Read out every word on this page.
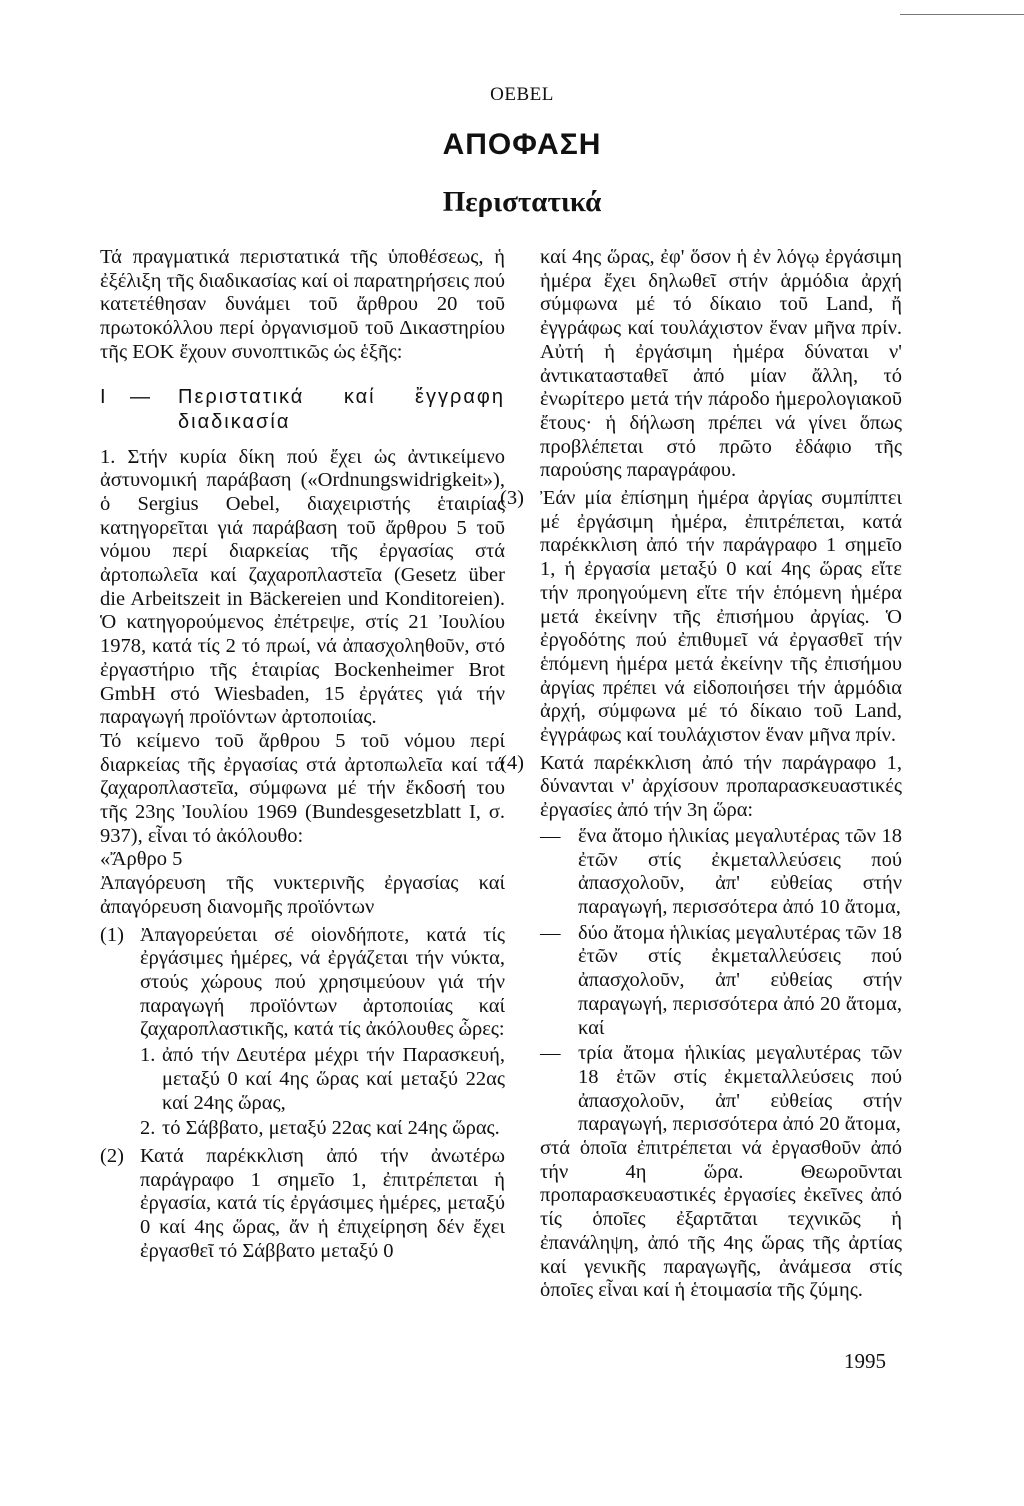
OEBEL
ΑΠΟΦΑΣΗ
Περιστατικά

Τά πραγματικά περιστατικά τῆς ὑποθέσεως, ἡ ἐξέλιξη τῆς διαδικασίας καί οἱ παρατηρήσεις πού κατετέθησαν δυνάμει τοῦ ἄρθρου 20 τοῦ πρωτοκόλλου περί ὀργανισμοῦ τοῦ Δικαστηρίου τῆς ΕΟΚ ἔχουν συνοπτικῶς ὡς ἑξῆς:

I	—	Περιστατικά καί ἔγγραφη διαδικασία

1. Στήν κυρία δίκη πού ἔχει ὡς ἀντικείμενο ἀστυνομική παράβαση («Ordnungswidrigkeit»), ὁ Sergius Oebel, διαχειριστής ἑταιρίας κατηγορεῖται γιά παράβαση τοῦ ἄρθρου 5 τοῦ νόμου περί διαρκείας τῆς ἐργασίας στά ἀρτοπωλεῖα καί ζαχαροπλαστεῖα (Gesetz über die Arbeitszeit in Bäckereien und Konditoreien). Ὁ κατηγορούμενος ἐπέτρεψε, στίς 21 Ἰουλίου 1978, κατά τίς 2 τό πρωί, νά ἀπασχοληθοῦν, στό ἐργαστήριο τῆς ἑταιρίας Bockenheimer Brot GmbH στό Wiesbaden, 15 ἐργάτες γιά τήν παραγωγή προϊόντων ἀρτοποιίας.

Τό κείμενο τοῦ ἄρθρου 5 τοῦ νόμου περί διαρκείας τῆς ἐργασίας στά ἀρτοπωλεῖα καί τά ζαχαροπλαστεῖα, σύμφωνα μέ τήν ἔκδοσή του τῆς 23ης Ἰουλίου 1969 (Bundesgesetzblatt I, σ. 937), εἶναι τό ἀκόλουθο:

«Ἄρθρο 5

Ἀπαγόρευση τῆς νυκτερινῆς ἐργασίας καί ἀπαγόρευση διανομῆς προϊόντων

(1) Ἀπαγορεύεται σέ οἱονδήποτε, κατά τίς ἐργάσιμες ἡμέρες, νά ἐργάζεται τήν νύκτα, στούς χώρους πού χρησιμεύουν γιά τήν παραγωγή προϊόντων ἀρτοποιίας καί ζαχαροπλαστικῆς, κατά τίς ἀκόλουθες ὧρες:

1. ἀπό τήν Δευτέρα μέχρι τήν Παρασκευή, μεταξύ 0 καί 4ης ὥρας καί μεταξύ 22ας καί 24ης ὥρας,
2. τό Σάββατο, μεταξύ 22ας καί 24ης ὥρας.
(2) Κατά παρέκκλιση ἀπό τήν ἀνωτέρω παράγραφο 1 σημεῖο 1, ἐπιτρέπεται ἡ ἐργασία, κατά τίς ἐργάσιμες ἡμέρες, μεταξύ 0 καί 4ης ὥρας, ἄν ἡ ἐπιχείρηση δέν ἔχει ἐργασθεῖ τό Σάββατο μεταξύ 0

καί 4ης ὥρας, ἐφ' ὅσον ἡ ἐν λόγῳ ἐργάσιμη ἡμέρα ἔχει δηλωθεῖ στήν ἁρμόδια ἀρχή σύμφωνα μέ τό δίκαιο τοῦ Land, ἤ ἐγγράφως καί τουλάχιστον ἕναν μῆνα πρίν. Αὐτή ἡ ἐργάσιμη ἡμέρα δύναται ν' ἀντικατασταθεῖ ἀπό μίαν ἄλλη, τό ἐνωρίτερο μετά τήν πάροδο ἡμερολογιακοῦ ἔτους· ἡ δήλωση πρέπει νά γίνει ὅπως προβλέπεται στό πρῶτο ἐδάφιο τῆς παρούσης παραγράφου.

(3) Ἐάν μία ἐπίσημη ἡμέρα ἀργίας συμπίπτει μέ ἐργάσιμη ἡμέρα, ἐπιτρέπεται, κατά παρέκκλιση ἀπό τήν παράγραφο 1 σημεῖο 1, ἡ ἐργασία μεταξύ 0 καί 4ης ὥρας εἴτε τήν προηγούμενη εἴτε τήν ἑπόμενη ἡμέρα μετά ἐκείνην τῆς ἐπισήμου ἀργίας. Ὁ ἐργοδότης πού ἐπιθυμεῖ νά ἐργασθεῖ τήν ἑπόμενη ἡμέρα μετά ἐκείνην τῆς ἐπισήμου ἀργίας πρέπει νά εἰδοποιήσει τήν ἁρμόδια ἀρχή, σύμφωνα μέ τό δίκαιο τοῦ Land, ἐγγράφως καί τουλάχιστον ἕναν μῆνα πρίν.

(4) Κατά παρέκκλιση ἀπό τήν παράγραφο 1, δύνανται ν' ἀρχίσουν προπαρασκευαστικές ἐργασίες ἀπό τήν 3η ὥρα:

— ἕνα ἄτομο ἡλικίας μεγαλυτέρας τῶν 18 ἐτῶν στίς ἐκμεταλλεύσεις πού ἀπασχολοῦν, ἀπ' εὐθείας στήν παραγωγή, περισσότερα ἀπό 10 ἄτομα,
— δύο ἄτομα ἡλικίας μεγαλυτέρας τῶν 18 ἐτῶν στίς ἐκμεταλλεύσεις πού ἀπασχολοῦν, ἀπ' εὐθείας στήν παραγωγή, περισσότερα ἀπό 20 ἄτομα, καί
— τρία ἄτομα ἡλικίας μεγαλυτέρας τῶν 18 ἐτῶν στίς ἐκμεταλλεύσεις πού ἀπασχολοῦν, ἀπ' εὐθείας στήν παραγωγή, περισσότερα ἀπό 20 ἄτομα,

στά ὁποῖα ἐπιτρέπεται νά ἐργασθοῦν ἀπό τήν 4η ὥρα. Θεωροῦνται προπαρασκευαστικές ἐργασίες ἐκεῖνες ἀπό τίς ὁποῖες ἐξαρτᾶται τεχνικῶς ἡ ἐπανάληψη, ἀπό τῆς 4ης ὥρας τῆς ἀρτίας καί γενικῆς παραγωγῆς, ἀνάμεσα στίς ὁποῖες εἶναι καί ἡ ἑτοιμασία τῆς ζύμης.

1995
